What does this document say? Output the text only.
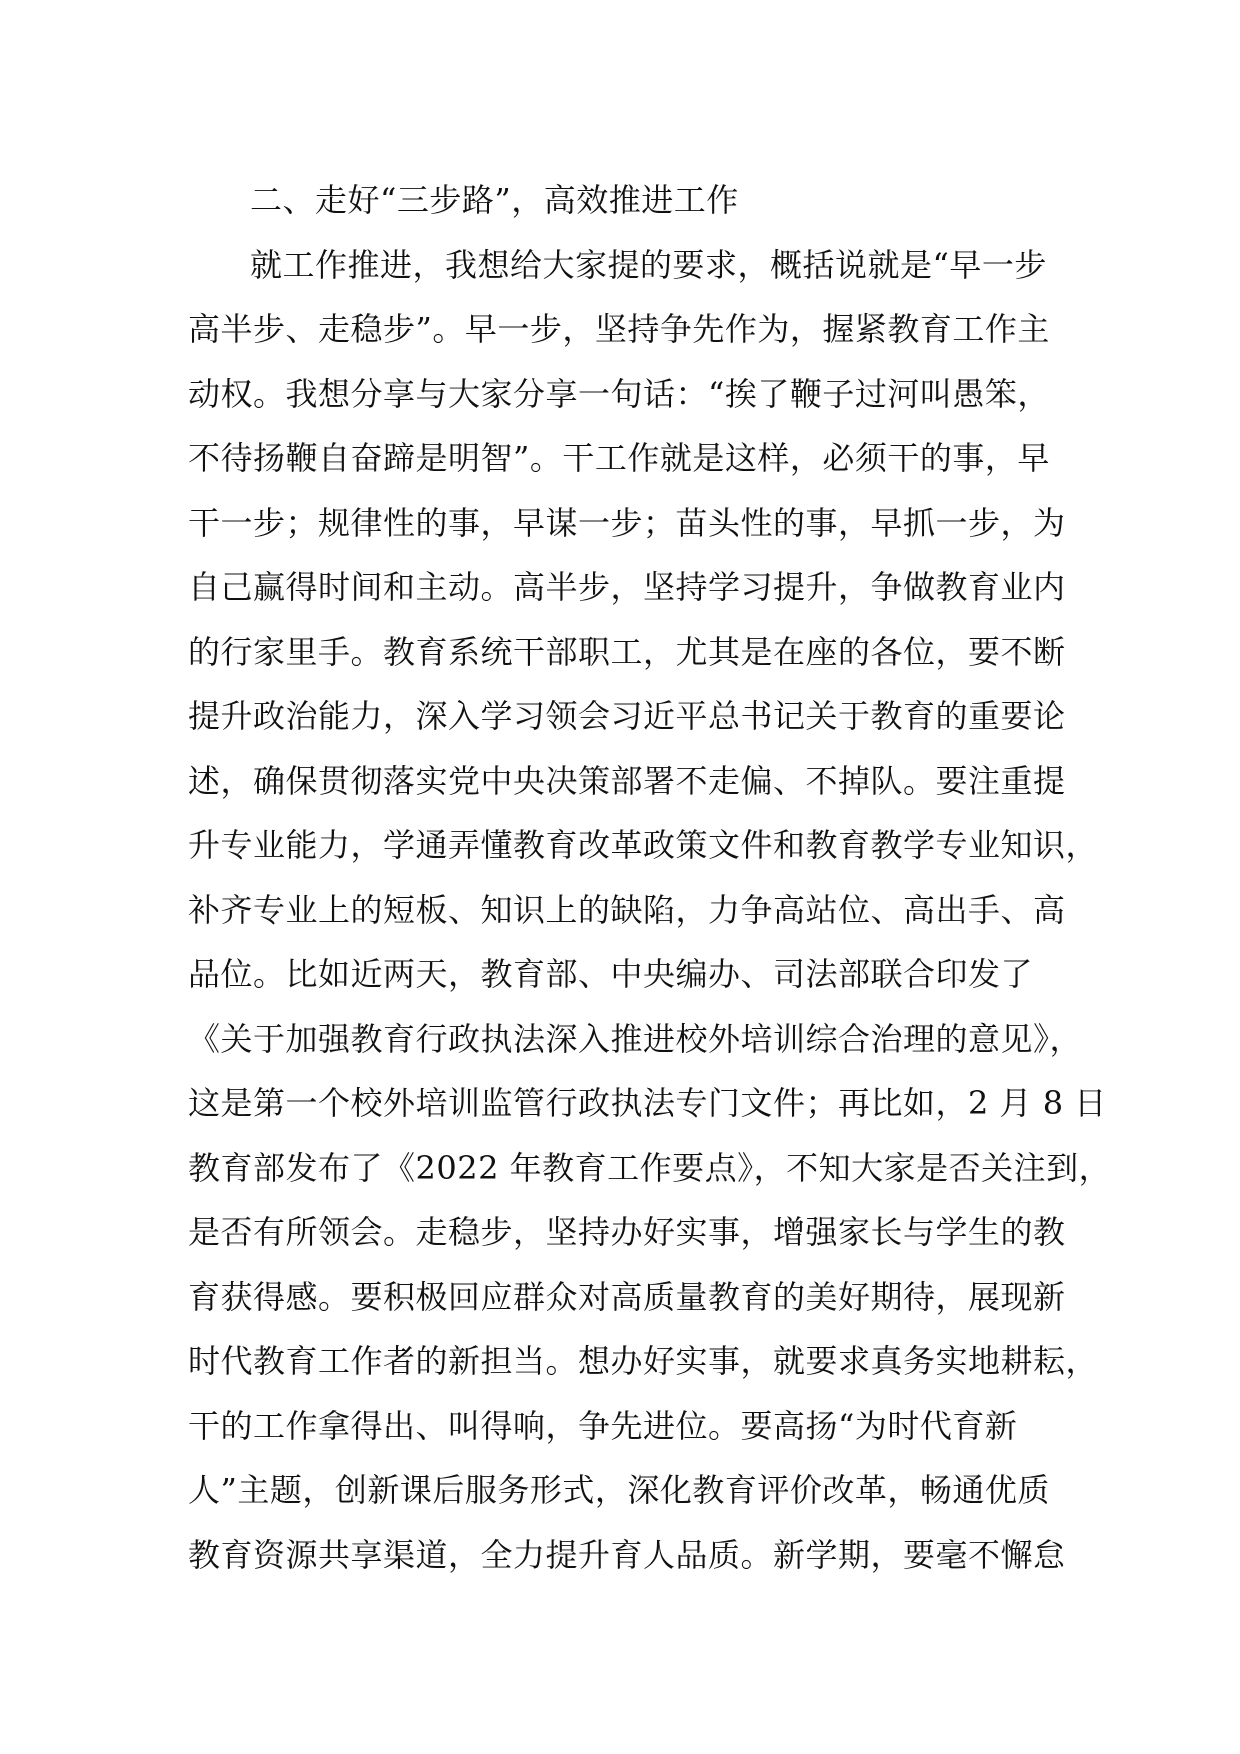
二、走好“三步路”，高效推进工作
就工作推进，我想给大家提的要求，概括说就是“早一步
高半步、走稳步”。早一步，坚持争先作为，握紧教育工作主
动权。我想分享与大家分享一句话：“挨了鞭子过河叫愚笨，
不待扬鞭自奋蹄是明智”。干工作就是这样，必须干的事，早
干一步；规律性的事，早谋一步；苗头性的事，早抓一步，为
自己赢得时间和主动。高半步，坚持学习提升，争做教育业内
的行家里手。教育系统干部职工，尤其是在座的各位，要不断
提升政治能力，深入学习领会习近平总书记关于教育的重要论
述，确保贯彻落实党中央决策部署不走偏、不掉队。要注重提
升专业能力，学通弄懂教育改革政策文件和教育教学专业知识，
补齐专业上的短板、知识上的缺陷，力争高站位、高出手、高
品位。比如近两天，教育部、中央编办、司法部联合印发了
《关于加强教育行政执法深入推进校外培训综合治理的意见》，
这是第一个校外培训监管行政执法专门文件；再比如，2 月 8 日
教育部发布了《2022 年教育工作要点》，不知大家是否关注到，
是否有所领会。走稳步，坚持办好实事，增强家长与学生的教
育获得感。要积极回应群众对高质量教育的美好期待，展现新
时代教育工作者的新担当。想办好实事，就要求真务实地耕耘，
干的工作拿得出、叫得响，争先进位。要高扬“为时代育新
人”主题，创新课后服务形式，深化教育评价改革，畅通优质
教育资源共享渠道，全力提升育人品质。新学期，要毫不懈怠
